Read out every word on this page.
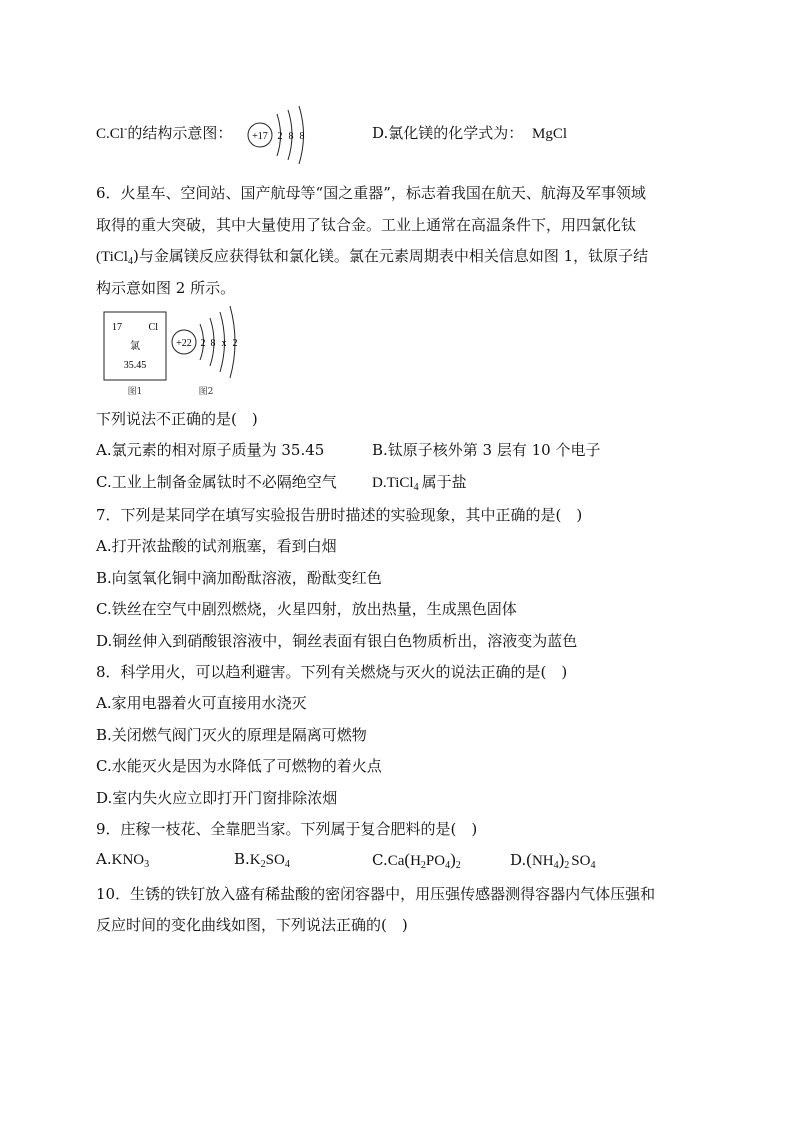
C.Cl-的结构示意图： +17 2 8 8	D.氯化镁的化学式为： MgCl
6．火星车、空间站、国产航母等“国之重器”，标志着我国在航天、航海及军事领域
取得的重大突破，其中大量使用了钛合金。工业上通常在高温条件下，用四氯化钛
(TiCl$_4$)与金属镁反应获得钛和氯化镁。氯在元素周期表中相关信息如图 1，钛原子结
构示意如图 2 所示。
17	Cl
氯
35.45
图1
+22 2 8 x 2
图2
下列说法不正确的是(　)
A.氯元素的相对原子质量为 35.45	B.钛原子核外第 3 层有 10 个电子
C.工业上制备金属钛时不必隔绝空气 D.TiCl$_4$ 属于盐
7．下列是某同学在填写实验报告册时描述的实验现象，其中正确的是(　)
A.打开浓盐酸的试剂瓶塞，看到白烟
B.向氢氧化铜中滴加酚酞溶液，酚酞变红色
C.铁丝在空气中剧烈燃烧，火星四射，放出热量，生成黑色固体
D.铜丝伸入到硝酸银溶液中，铜丝表面有银白色物质析出，溶液变为蓝色
8．科学用火，可以趋利避害。下列有关燃烧与灭火的说法正确的是(　)
A.家用电器着火可直接用水浇灭
B.关闭燃气阀门灭火的原理是隔离可燃物
C.水能灭火是因为水降低了可燃物的着火点
D.室内失火应立即打开门窗排除浓烟
9．庄稼一枝花、全靠肥当家。下列属于复合肥料的是(　)
$A.KNO_3$	$B.K_2SO_4$	$C.Ca(H_2PO_4)_2$	$D.(NH_4)_2$ $SO_4$
10．生锈的铁钉放入盛有稀盐酸的密闭容器中，用压强传感器测得容器内气体压强和
反应时间的变化曲线如图，下列说法正确的(　)
